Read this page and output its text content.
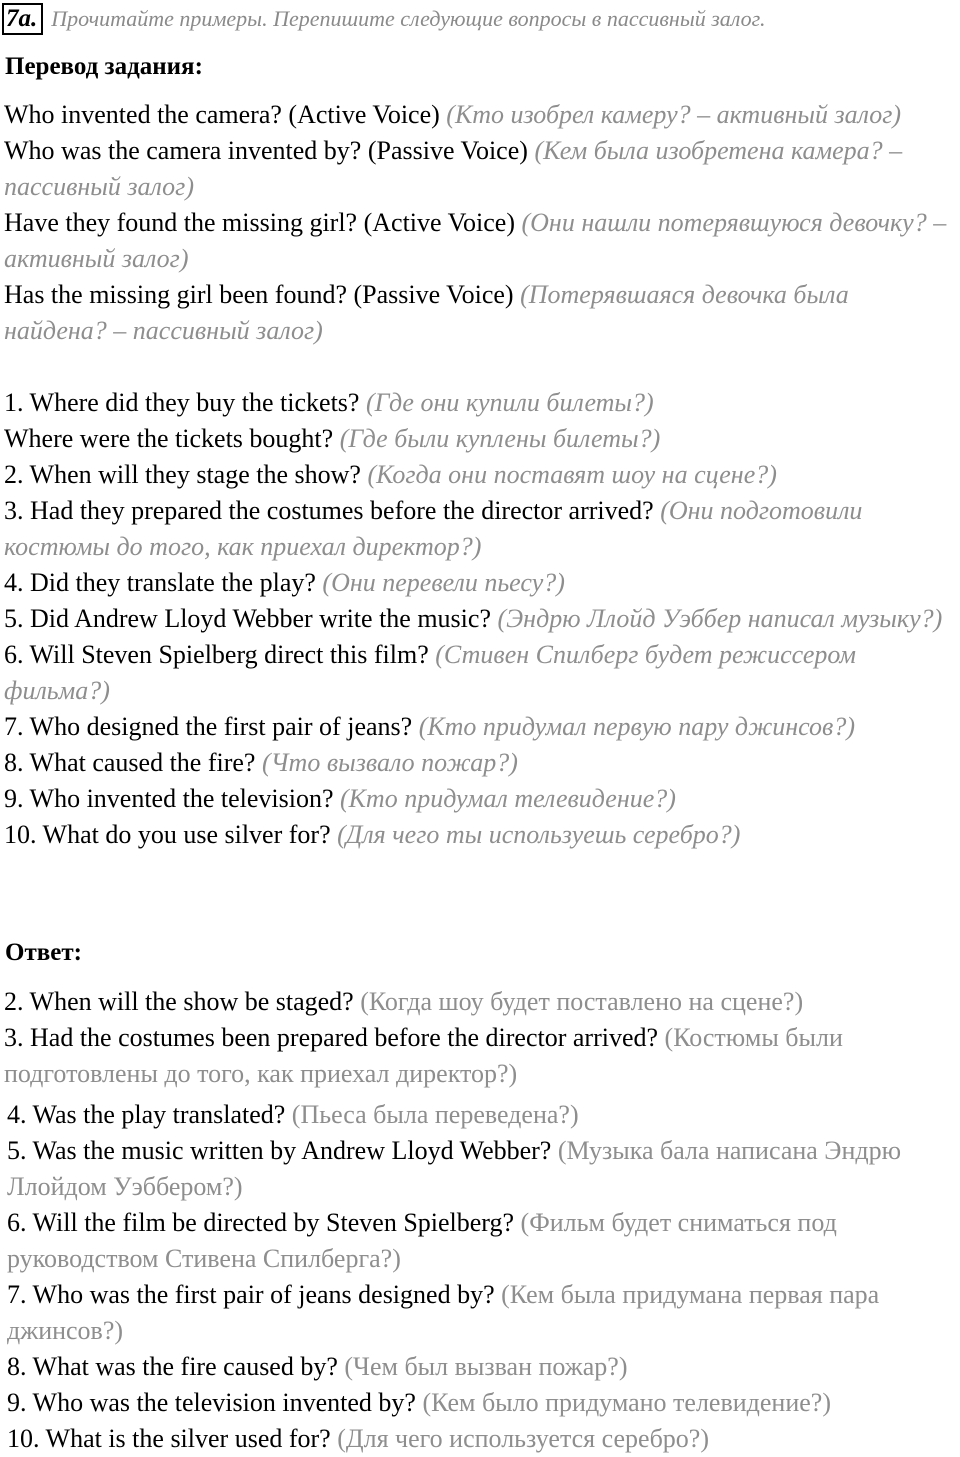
7a. Прочитайте примеры. Перепишите следующие вопросы в пассивный залог.
Перевод задания:

Who invented the camera? (Active Voice) (Кто изобрел камеру? – активный залог)

Who was the camera invented by? (Passive Voice) (Кем была изобретена камера? – пассивный залог)

Have they found the missing girl? (Active Voice) (Они нашли потерявшуюся девочку? – активный залог)

Has the missing girl been found? (Passive Voice) (Потерявшаяся девочка была найдена? – пассивный залог)

1. Where did they buy the tickets? (Где они купили билеты?)

Where were the tickets bought? (Где были куплены билеты?)

2. When will they stage the show? (Когда они поставят шоу на сцене?)

3. Had they prepared the costumes before the director arrived? (Они подготовили костюмы до того, как приехал директор?)

4. Did they translate the play? (Они перевели пьесу?)

5. Did Andrew Lloyd Webber write the music? (Эндрю Ллойд Уэббер написал музыку?)

6. Will Steven Spielberg direct this film? (Стивен Спилберг будет режиссером фильма?)

7. Who designed the first pair of jeans? (Кто придумал первую пару джинсов?)

8. What caused the fire? (Что вызвало пожар?)

9. Who invented the television? (Кто придумал телевидение?)

10. What do you use silver for? (Для чего ты используешь серебро?)

Ответ:

2. When will the show be staged? (Когда шоу будет поставлено на сцене?)

3. Had the costumes been prepared before the director arrived? (Костюмы были подготовлены до того, как приехал директор?)

4. Was the play translated? (Пьеса была переведена?)

5. Was the music written by Andrew Lloyd Webber? (Музыка бала написана Эндрю Ллойдом Уэббером?)

6. Will the film be directed by Steven Spielberg? (Фильм будет сниматься под руководством Стивена Спилберга?)

7. Who was the first pair of jeans designed by? (Кем была придумана первая пара джинсов?)

8. What was the fire caused by? (Чем был вызван пожар?)

9. Who was the television invented by? (Кем было придумано телевидение?)

10. What is the silver used for? (Для чего используется серебро?)
